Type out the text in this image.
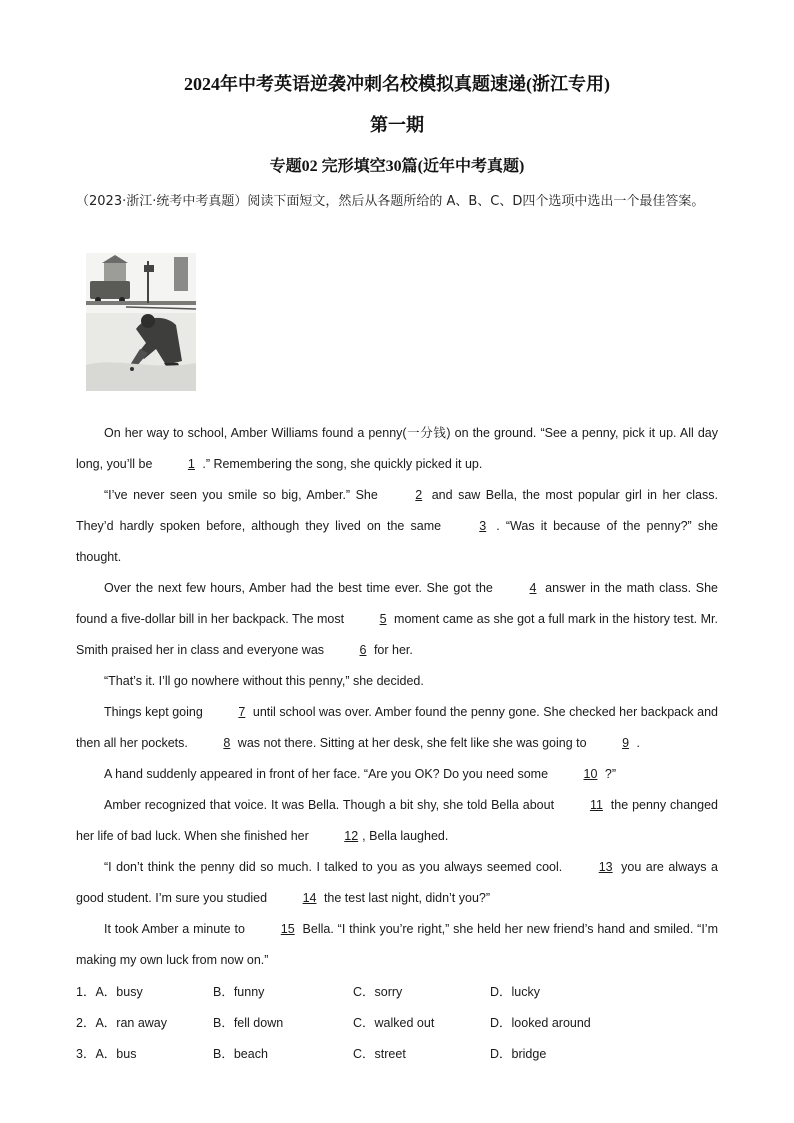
2024年中考英语逆袭冲刺名校模拟真题速递(浙江专用)
第一期
专题02 完形填空30篇(近年中考真题)
（2023·浙江·统考中考真题）阅读下面短文，然后从各题所给的 A、B、C、D四个选项中选出一个最佳答案。

On her way to school, Amber Williams found a penny(一分钱) on the ground. “See a penny, pick it up. All day long, you’ll be	1 .” Remembering the song, she quickly picked it up.

“I’ve never seen you smile so big, Amber.” She	2 and saw Bella, the most popular girl in her class. They’d hardly spoken before, although they lived on the same	3 . “Was it because of the penny?” she thought.

Over the next few hours, Amber had the best time ever. She got the	4 answer in the math class. She found a five-dollar bill in her backpack. The most	5 moment came as she got a full mark in the history test. Mr. Smith praised her in class and everyone was	6 for her.

“That’s it. I’ll go nowhere without this penny,” she decided.

Things kept going	7 until school was over. Amber found the penny gone. She checked her backpack and then all her pockets.	8 was not there. Sitting at her desk, she felt like she was going to	9 .

A hand suddenly appeared in front of her face. “Are you OK? Do you need some	10 ?”

Amber recognized that voice. It was Bella. Though a bit shy, she told Bella about	11 the penny changed her life of bad luck. When she finished her	12 , Bella laughed.

“I don’t think the penny did so much. I talked to you as you always seemed cool.	13 you are always a good student. I’m sure you studied	14 the test last night, didn’t you?”

It took Amber a minute to	15 Bella. “I think you’re right,” she held her new friend’s hand and smiled. “I’m making my own luck from now on.”

1．A．busy	B．funny	C．sorry	D．lucky
2．A．ran away	B．fell down	C．walked out	D．looked around
3．A．bus	B．beach	C．street	D．bridge
